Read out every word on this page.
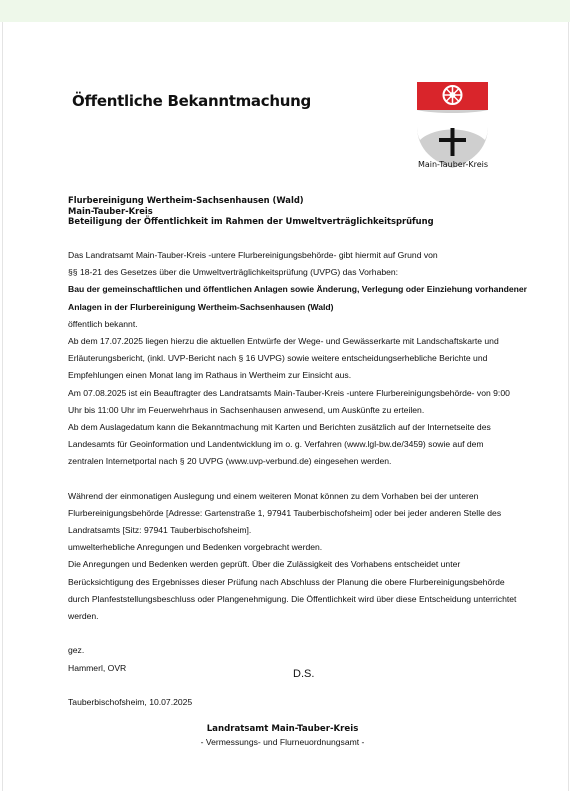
Öffentliche Bekanntmachung
Main-Tauber-Kreis
Flurbereinigung Wertheim-Sachsenhausen (Wald)
Main-Tauber-Kreis
Beteiligung der Öffentlichkeit im Rahmen der Umweltverträglichkeitsprüfung
Das Landratsamt Main-Tauber-Kreis -untere Flurbereinigungsbehörde- gibt hiermit auf Grund von
§§ 18-21 des Gesetzes über die Umweltverträglichkeitsprüfung (UVPG) das Vorhaben:
Bau der gemeinschaftlichen und öffentlichen Anlagen sowie Änderung, Verlegung oder Einziehung vorhandener
Anlagen in der Flurbereinigung Wertheim-Sachsenhausen (Wald)
öffentlich bekannt.
Ab dem 17.07.2025 liegen hierzu die aktuellen Entwürfe der Wege- und Gewässerkarte mit Landschaftskarte und
Erläuterungsbericht, (inkl. UVP-Bericht nach § 16 UVPG) sowie weitere entscheidungserhebliche Berichte und
Empfehlungen einen Monat lang im Rathaus in Wertheim zur Einsicht aus.
Am 07.08.2025 ist ein Beauftragter des Landratsamts Main-Tauber-Kreis -untere Flurbereinigungsbehörde- von 9:00
Uhr bis 11:00 Uhr im Feuerwehrhaus in Sachsenhausen anwesend, um Auskünfte zu erteilen.
Ab dem Auslagedatum kann die Bekanntmachung mit Karten und Berichten zusätzlich auf der Internetseite des
Landesamts für Geoinformation und Landentwicklung im o. g. Verfahren (www.lgl-bw.de/3459) sowie auf dem
zentralen Internetportal nach § 20 UVPG (www.uvp-verbund.de) eingesehen werden.
Während der einmonatigen Auslegung und einem weiteren Monat können zu dem Vorhaben bei der unteren
Flurbereinigungsbehörde [Adresse: Gartenstraße 1, 97941 Tauberbischofsheim] oder bei jeder anderen Stelle des
Landratsamts [Sitz: 97941 Tauberbischofsheim].
umwelterhebliche Anregungen und Bedenken vorgebracht werden.
Die Anregungen und Bedenken werden geprüft. Über die Zulässigkeit des Vorhabens entscheidet unter
Berücksichtigung des Ergebnisses dieser Prüfung nach Abschluss der Planung die obere Flurbereinigungsbehörde
durch Planfeststellungsbeschluss oder Plangenehmigung. Die Öffentlichkeit wird über diese Entscheidung unterrichtet
werden.
gez.
Hammerl, OVR
Tauberbischofsheim, 10.07.2025
D.S.
Landratsamt Main-Tauber-Kreis
- Vermessungs- und Flurneuordnungsamt -
